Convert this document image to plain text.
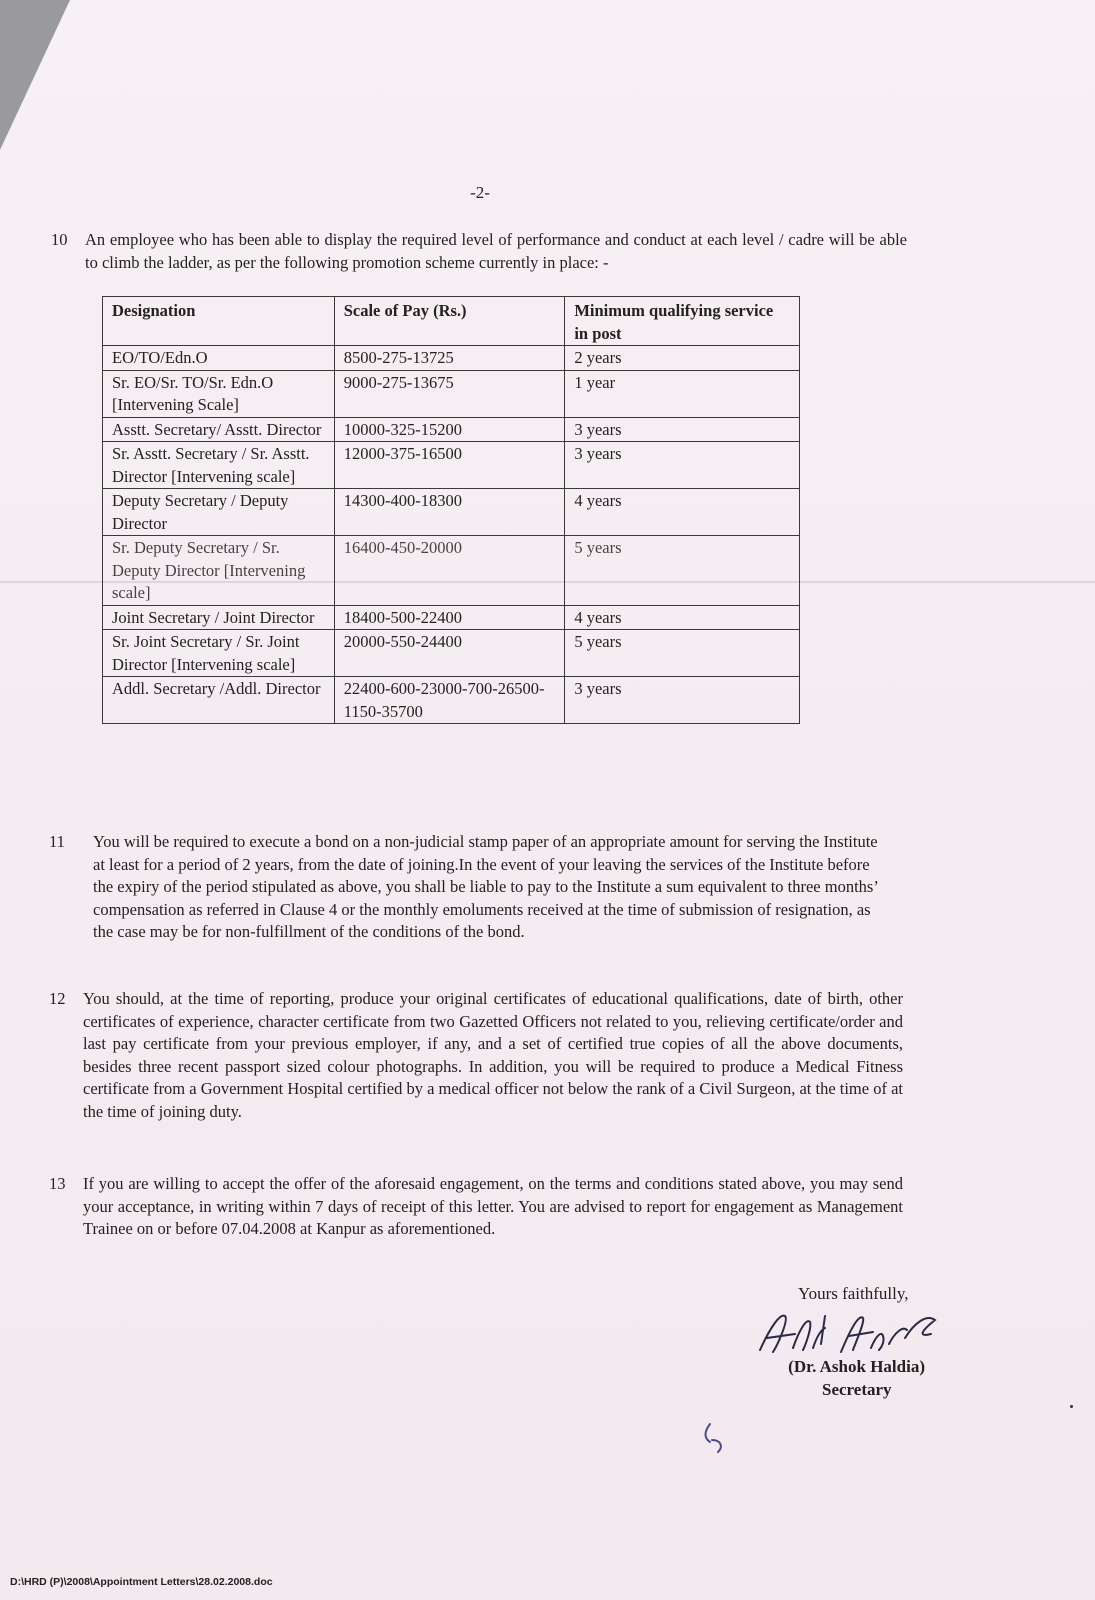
-2-
10 An employee who has been able to display the required level of performance and conduct at each level / cadre will be able to climb the ladder, as per the following promotion scheme currently in place: -
Designation	Scale of Pay (Rs.)	Minimum qualifying service in post
EO/TO/Edn.O	8500-275-13725	2 years
Sr. EO/Sr. TO/Sr. Edn.O [Intervening Scale]	9000-275-13675	1 year
Asstt. Secretary/ Asstt. Director	10000-325-15200	3 years
Sr. Asstt. Secretary / Sr. Asstt. Director [Intervening scale]	12000-375-16500	3 years
Deputy Secretary / Deputy Director	14300-400-18300	4 years
Sr. Deputy Secretary / Sr. Deputy Director [Intervening scale]	16400-450-20000	5 years
Joint Secretary / Joint Director	18400-500-22400	4 years
Sr. Joint Secretary / Sr. Joint Director [Intervening scale]	20000-550-24400	5 years
Addl. Secretary /Addl. Director	22400-600-23000-700-26500-1150-35700	3 years
11 You will be required to execute a bond on a non-judicial stamp paper of an appropriate amount for serving the Institute at least for a period of 2 years, from the date of joining.In the event of your leaving the services of the Institute before the expiry of the period stipulated as above, you shall be liable to pay to the Institute a sum equivalent to three months’ compensation as referred in Clause 4 or the monthly emoluments received at the time of submission of resignation, as the case may be for non-fulfillment of the conditions of the bond.
12 You should, at the time of reporting, produce your original certificates of educational qualifications, date of birth, other certificates of experience, character certificate from two Gazetted Officers not related to you, relieving certificate/order and last pay certificate from your previous employer, if any, and a set of certified true copies of all the above documents, besides three recent passport sized colour photographs. In addition, you will be required to produce a Medical Fitness certificate from a Government Hospital certified by a medical officer not below the rank of a Civil Surgeon, at the time of at the time of joining duty.
13 If you are willing to accept the offer of the aforesaid engagement, on the terms and conditions stated above, you may send your acceptance, in writing within 7 days of receipt of this letter. You are advised to report for engagement as Management Trainee on or before 07.04.2008 at Kanpur as aforementioned.
Yours faithfully,
(Dr. Ashok Haldia)
Secretary
D:\HRD (P)\2008\Appointment Letters\28.02.2008.doc
